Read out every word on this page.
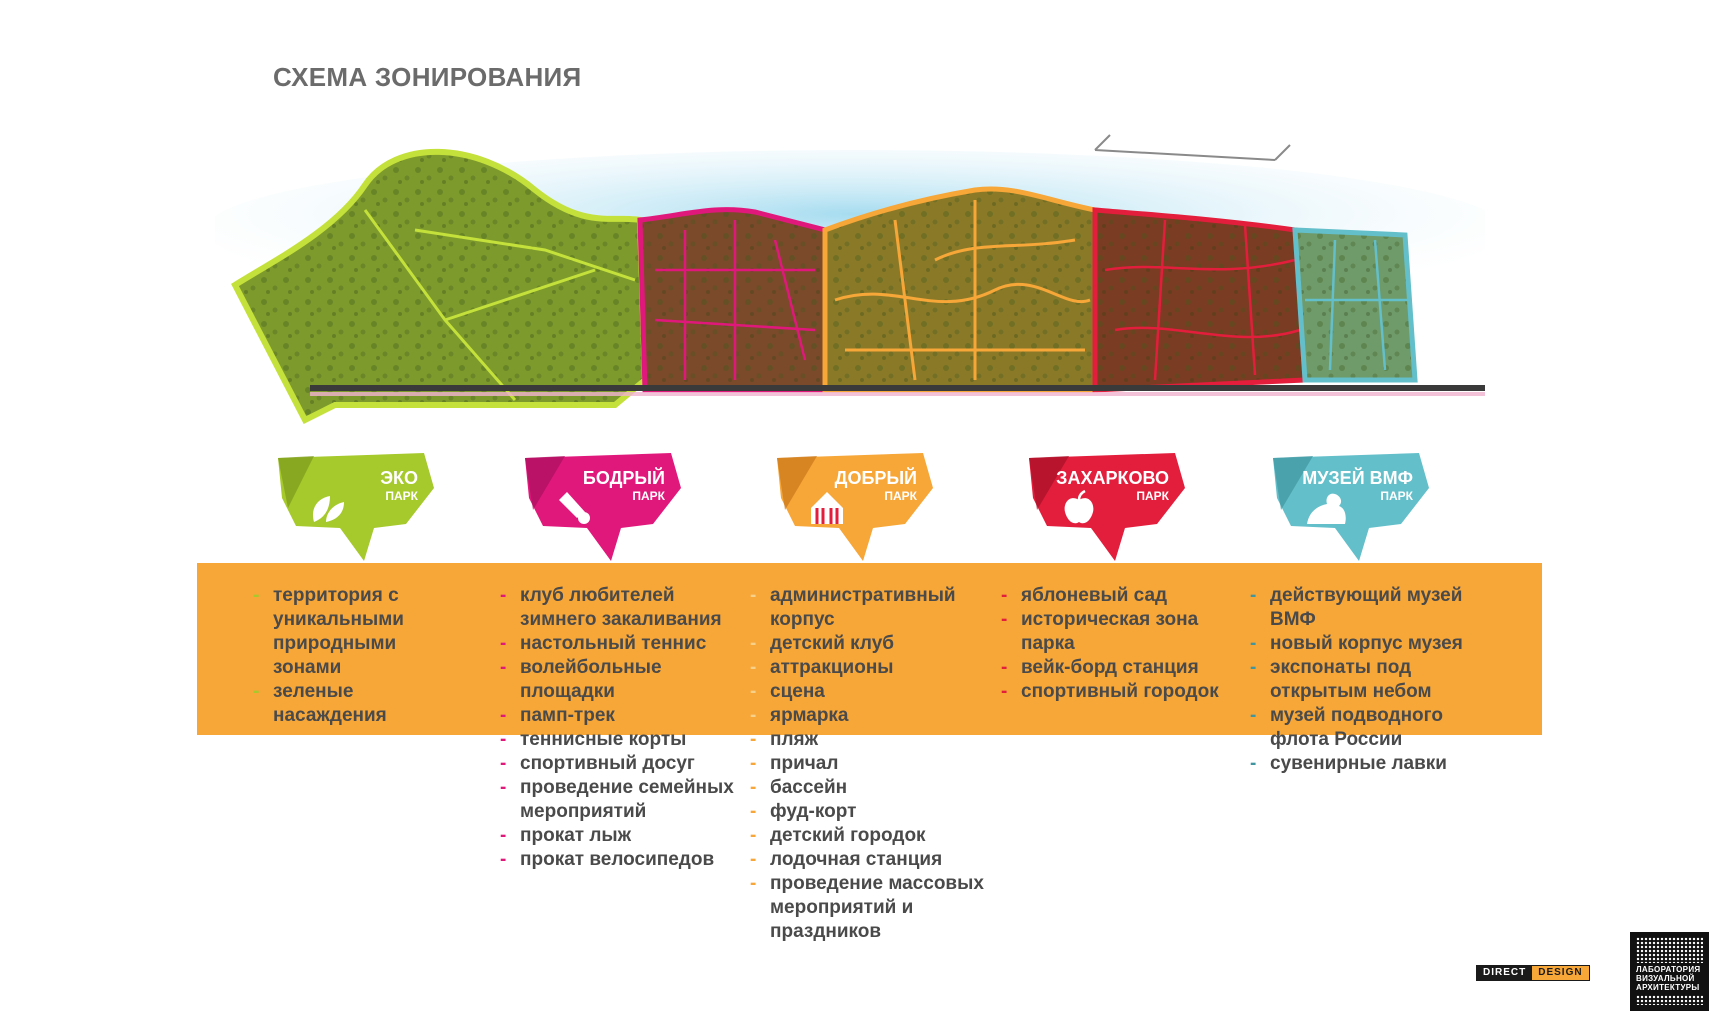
СХЕМА ЗОНИРОВАНИЯ
ЭКО
ПАРК
БОДРЫЙ
ПАРК
ДОБРЫЙ
ПАРК
ЗАХАРКОВО
ПАРК
МУЗЕЙ ВМФ
ПАРК
- территория с уникальными природными зонами
- зеленые насаждения
- клуб любителей зимнего закаливания
- настольный теннис
- волейбольные площадки
- памп-трек
- теннисные корты
- спортивный досуг
- проведение семейных мероприятий
- прокат лыж
- прокат велосипедов
- административный корпус
- детский клуб
- аттракционы
- сцена
- ярмарка
- пляж
- причал
- бассейн
- фуд-корт
- детский городок
- лодочная станция
- проведение массовых мероприятий и праздников
- яблоневый сад
- историческая зона парка
- вейк-борд станция
- спортивный городок
- действующий музей ВМФ
- новый корпус музея
- экспонаты под открытым небом
- музей подводного флота России
- сувенирные лавки
DIRECT	DESIGN	ЛАБОРАТОРИЯ ВИЗУАЛЬНОЙ АРХИТЕКТУРЫ
